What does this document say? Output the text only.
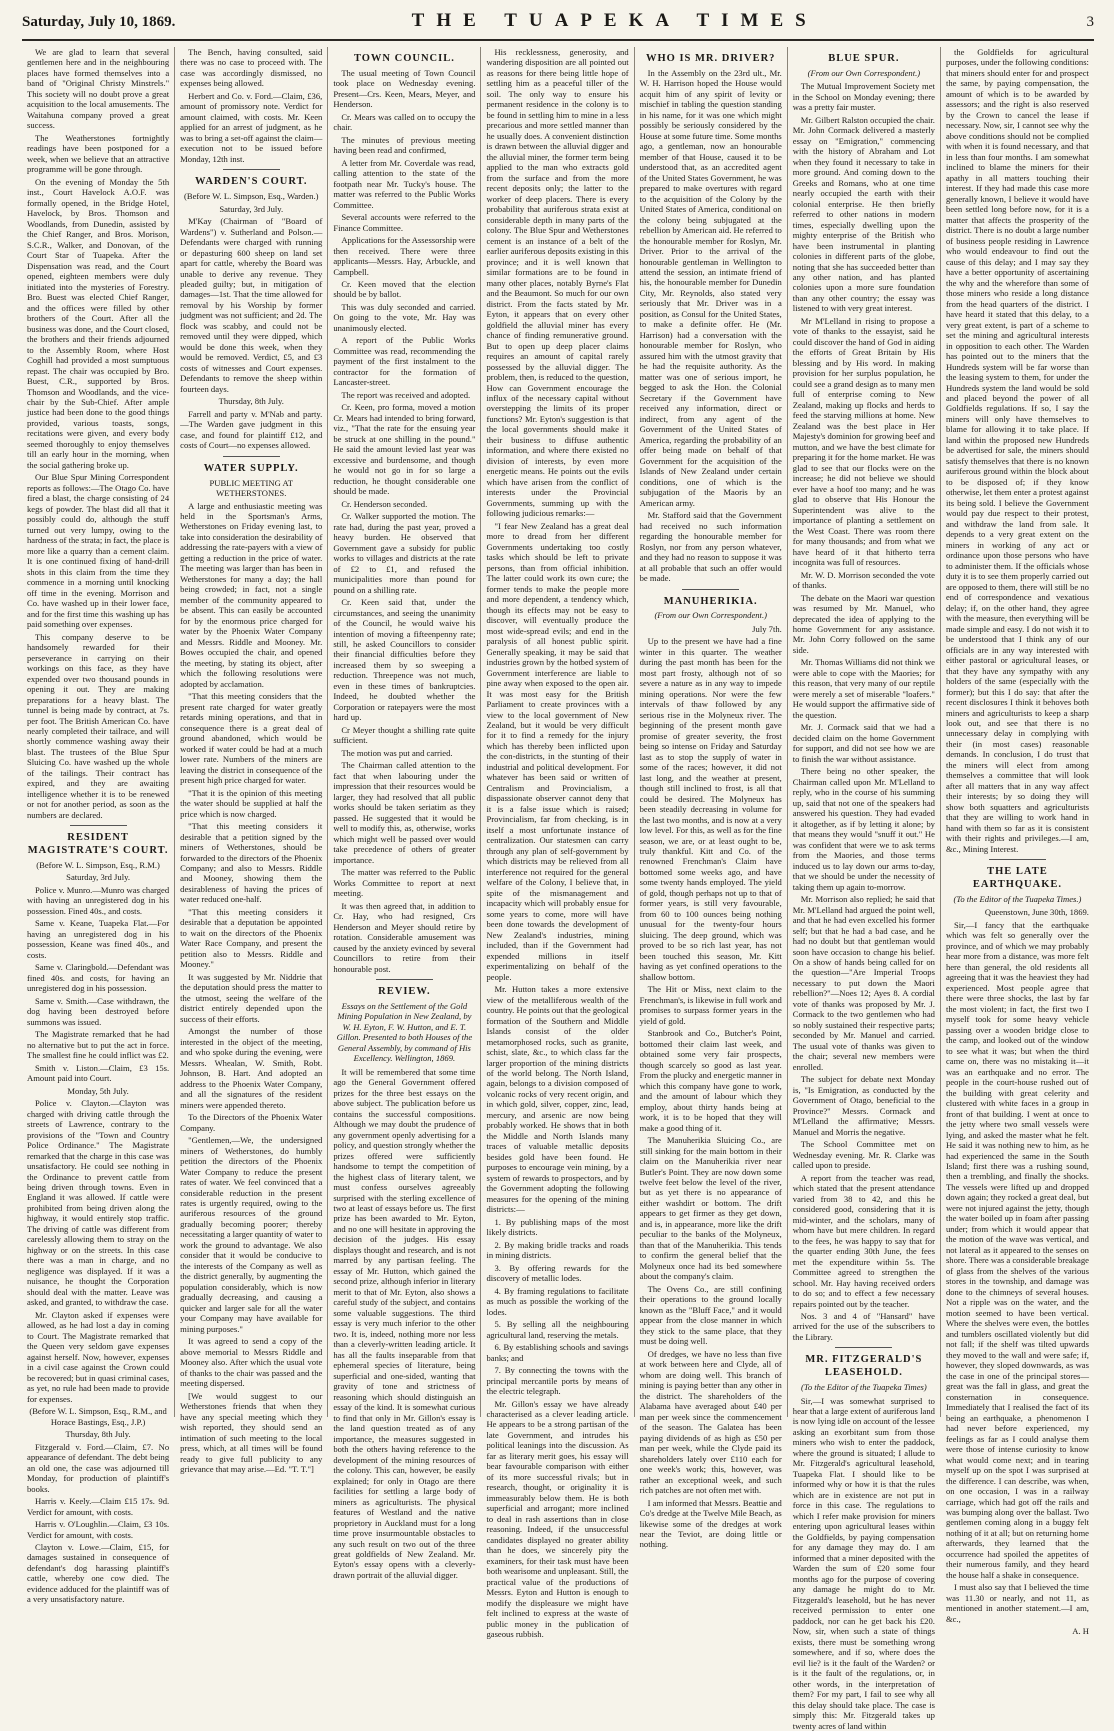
Saturday, July 10, 1869.	THE TUAPEKA TIMES	3

We are glad to learn that several gentlemen here and in the neighbouring places have formed themselves into a band of "Original Christy Minstrels." This society will no doubt prove a great acquisition to the local amusements. The Waitahuna company proved a great success.

The Weatherstones fortnightly readings have been postponed for a week, when we believe that an attractive programme will be gone through.

On the evening of Monday the 5th inst., Court Havelock A.O.F. was formally opened, in the Bridge Hotel, Havelock, by Bros. Thomson and Woodlands, from Dunedin, assisted by the Chief Ranger, and Bros. Morison, S.C.R., Walker, and Donovan, of the Court Star of Tuapeka. After the Dispensation was read, and the Court opened, eighteen members were duly initiated into the mysteries of Forestry. Bro. Buest was elected Chief Ranger, and the offices were filled by other brothers of the Court. After all the business was done, and the Court closed, the brothers and their friends adjourned to the Assembly Room, where Host Coghill had provided a most sumptuous repast. The chair was occupied by Bro. Buest, C.R., supported by Bros. Thomson and Woodlands, and the vice-chair by the Sub-Chief. After ample justice had been done to the good things provided, various toasts, songs, recitations were given, and every body seemed thoroughly to enjoy themselves till an early hour in the morning, when the social gathering broke up.

Our Blue Spur Mining Correspondent reports as follows:—The Otago Co. have fired a blast, the charge consisting of 24 kegs of powder. The blast did all that it possibly could do, although the stuff turned out very lumpy, owing to the hardness of the strata; in fact, the place is more like a quarry than a cement claim. It is one continued fixing of hand-drill shots in this claim from the time they commence in a morning until knocking off time in the evening. Morrison and Co. have washed up in their lower face, and for the first time this washing up has paid something over expenses.

This company deserve to be handsomely rewarded for their perseverance in carrying on their workings on this face, as they have expended over two thousand pounds in opening it out. They are making preparations for a heavy blast. The tunnel is being made by contract, at 7s. per foot. The British American Co. have nearly completed their tailrace, and will shortly commence washing away their blast. The trustees of the Blue Spur Sluicing Co. have washed up the whole of the tailings. Their contract has expired, and they are awaiting intelligence whether it is to be renewed or not for another period, as soon as the numbers are declared.

RESIDENT MAGISTRATE'S COURT.

(Before W. L. Simpson, Esq., R.M.)

Saturday, 3rd July.

Police v. Munro.—Munro was charged with having an unregistered dog in his possession. Fined 40s., and costs.

Same v. Keane, Tuapeka Flat.—For having an unregistered dog in his possession, Keane was fined 40s., and costs.

Same v. Claringbold.—Defendant was fined 40s. and costs, for having an unregistered dog in his possession.

Same v. Smith.—Case withdrawn, the dog having been destroyed before summons was issued.

The Magistrate remarked that he had no alternative but to put the act in force. The smallest fine he could inflict was £2.

Smith v. Liston.—Claim, £3 15s. Amount paid into Court.

Monday, 5th July.

Police v. Clayton.—Clayton was charged with driving cattle through the streets of Lawrence, contrary to the provisions of the "Town and Country Police Ordinance." The Magistrate remarked that the charge in this case was unsatisfactory. He could see nothing in the Ordinance to prevent cattle from being driven through towns. Even in England it was allowed. If cattle were prohibited from being driven along the highway, it would entirely stop traffic. The driving of cattle was different from carelessly allowing them to stray on the highway or on the streets. In this case there was a man in charge, and no negligence was displayed. If it was a nuisance, he thought the Corporation should deal with the matter. Leave was asked, and granted, to withdraw the case.

Mr. Clayton asked if expenses were allowed, as he had lost a day in coming to Court. The Magistrate remarked that the Queen very seldom gave expenses against herself. Now, however, expenses in a civil case against the Crown could be recovered; but in quasi criminal cases, as yet, no rule had been made to provide for expenses.

(Before W. L. Simpson, Esq., R.M., and Horace Bastings, Esq., J.P.)

Thursday, 8th July.

Fitzgerald v. Ford.—Claim, £7. No appearance of defendant. The debt being an old one, the case was adjourned till Monday, for production of plaintiff's books.

Harris v. Keely.—Claim £15 17s. 9d. Verdict for amount, with costs.

Harris v. O'Loughlin.—Claim, £3 10s. Verdict for amount, with costs.

Clayton v. Lowe.—Claim, £15, for damages sustained in consequence of defendant's dog harassing plaintiff's cattle, whereby one cow died. The evidence adduced for the plaintiff was of a very unsatisfactory nature.

The Bench, having consulted, said there was no case to proceed with. The case was accordingly dismissed, no expenses being allowed.

Herbert and Co. v. Ford.—Claim, £36, amount of promissory note. Verdict for amount claimed, with costs. Mr. Keen applied for an arrest of judgment, as he was to bring a set-off against the claim—execution not to be issued before Monday, 12th inst.

WARDEN'S COURT.

(Before W. L. Simpson, Esq., Warden.)

Saturday, 3rd July.

M'Kay (Chairman of "Board of Wardens") v. Sutherland and Polson.—Defendants were charged with running or depasturing 600 sheep on land set apart for cattle, whereby the Board was unable to derive any revenue. They pleaded guilty; but, in mitigation of damages—1st. That the time allowed for removal by his Worship by former judgment was not sufficient; and 2d. The flock was scabby, and could not be removed until they were dipped, which would be done this week, when they would be removed. Verdict, £5, and £3 costs of witnesses and Court expenses. Defendants to remove the sheep within fourteen days.

Thursday, 8th July.

Farrell and party v. M'Nab and party.—The Warden gave judgment in this case, and found for plaintiff £12, and costs of Court—no expenses allowed.

WATER SUPPLY.
PUBLIC MEETING AT WETHERSTONES.

A large and enthusiastic meeting was held in the Sportsman's Arms, Wetherstones on Friday evening last, to take into consideration the desirability of addressing the rate-payers with a view of getting a reduction in the price of water. The meeting was larger than has been in Wetherstones for many a day; the hall being crowded; in fact, not a single member of the community appeared to be absent. This can easily be accounted for by the enormous price charged for water by the Phoenix Water Company and Messrs. Riddle and Mooney. Mr. Bowes occupied the chair, and opened the meeting, by stating its object, after which the following resolutions were adopted by acclamation.

"That this meeting considers that the present rate charged for water greatly retards mining operations, and that in consequence there is a great deal of ground abandoned, which would be worked if water could be had at a much lower rate. Numbers of the miners are leaving the district in consequence of the present high price charged for water.

"That it is the opinion of this meeting the water should be supplied at half the price which is now charged.

"That this meeting considers it desirable that a petition signed by the miners of Wetherstones, should be forwarded to the directors of the Phoenix Company; and also to Messrs. Riddle and Mooney, showing them the desirableness of having the prices of water reduced one-half.

"That this meeting considers it desirable that a deputation be appointed to wait on the directors of the Phoenix Water Race Company, and present the petition also to Messrs. Riddle and Mooney."

It was suggested by Mr. Niddrie that the deputation should press the matter to the utmost, seeing the welfare of the district entirely depended upon the success of their efforts.

Amongst the number of those interested in the object of the meeting, and who spoke during the evening, were Messrs. Whealan, W. Smith, Robt. Johnson, B. Hart. And adopted an address to the Phoenix Water Company, and all the signatures of the resident miners were appended thereto.

To the Directors of the Phoenix Water Company.

"Gentlemen,—We, the undersigned miners of Wetherstones, do humbly petition the directors of the Phoenix Water Company to reduce the present rates of water. We feel convinced that a considerable reduction in the present rates is urgently required, owing to the auriferous resources of the ground gradually becoming poorer; thereby necessitating a larger quantity of water to work the ground to advantage. We also consider that it would be conducive to the interests of the Company as well as the district generally, by augmenting the population considerably, which is now gradually decreasing, and causing a quicker and larger sale for all the water your Company may have available for mining purposes."

It was agreed to send a copy of the above memorial to Messrs Riddle and Mooney also. After which the usual vote of thanks to the chair was passed and the meeting dispersed.

[We would suggest to our Wetherstones friends that when they have any special meeting which they wish reported, they should send an intimation of such meeting to the local press, which, at all times will be found ready to give full publicity to any grievance that may arise.—Ed. "T. T."]

TOWN COUNCIL.

The usual meeting of Town Council took place on Wednesday evening. Present—Crs. Keen, Mears, Meyer, and Henderson.

Cr. Mears was called on to occupy the chair.

The minutes of previous meeting having been read and confirmed,

A letter from Mr. Coverdale was read, calling attention to the state of the footpath near Mr. Tucky's house. The matter was referred to the Public Works Committee.

Several accounts were referred to the Finance Committee.

Applications for the Assessorship were then received. There were three applicants—Messrs. Hay, Arbuckle, and Campbell.

Cr. Keen moved that the election should be by ballot.

This was duly seconded and carried. On going to the vote, Mr. Hay was unanimously elected.

A report of the Public Works Committee was read, recommending the payment of the first instalment to the contractor for the formation of Lancaster-street.

The report was received and adopted.

Cr. Keen, pro forma, moved a motion Cr. Mears had intended to bring forward, viz., "That the rate for the ensuing year be struck at one shilling in the pound." He said the amount levied last year was excessive and burdensome, and though he would not go in for so large a reduction, he thought considerable one should be made.

Cr. Henderson seconded.

Cr. Walker supported the motion. The rate had, during the past year, proved a heavy burden. He observed that Government gave a subsidy for public works to villages and districts at the rate of £2 to £1, and refused the municipalities more than pound for pound on a shilling rate.

Cr. Keen said that, under the circumstances, and seeing the unanimity of the Council, he would waive his intention of moving a fifteenpenny rate; still, he asked Councillors to consider their financial difficulties before they increased them by so sweeping a reduction. Threepence was not much, even in these times of bankruptcies. Indeed, he doubted whether the Corporation or ratepayers were the most hard up.

Cr Meyer thought a shilling rate quite sufficient.

The motion was put and carried.

The Chairman called attention to the fact that when labouring under the impression that their resources would be larger, they had resolved that all public works should be taken seriatim as they passed. He suggested that it would be well to modify this, as, otherwise, works which might well be passed over would take precedence of others of greater importance.

The matter was referred to the Public Works Committee to report at next meeting.

It was then agreed that, in addition to Cr. Hay, who had resigned, Crs Henderson and Meyer should retire by rotation. Considerable amusement was caused by the anxiety evinced by several Councillors to retire from their honourable post.

REVIEW.

Essays on the Settlement of the Gold Mining Population in New Zealand, by W. H. Eyton, F. W. Hutton, and E. T. Gillon. Presented to both Houses of the General Assembly, by command of His Excellency. Wellington, 1869.

It will be remembered that some time ago the General Government offered prizes for the three best essays on the above subject. The publication before us contains the successful compositions. Although we may doubt the prudence of any government openly advertising for a policy, and question strongly whether the prizes offered were sufficiently handsome to tempt the competition of the highest class of literary talent, we must confess ourselves agreeably surprised with the sterling excellence of two at least of essays before us. The first prize has been awarded to Mr. Eyton, and no one will hesitate in approving the decision of the judges. His essay displays thought and research, and is not marred by any partisan feeling. The essay of Mr. Hutton, which gained the second prize, although inferior in literary merit to that of Mr. Eyton, also shows a careful study of the subject, and contains some valuable suggestions. The third essay is very much inferior to the other two. It is, indeed, nothing more nor less than a cleverly-written leading article. It has all the faults inseparable from that ephemeral species of literature, being superficial and one-sided, wanting that gravity of tone and strictness of reasoning which should distinguish an essay of the kind. It is somewhat curious to find that only in Mr. Gillon's essay is the land question treated as of any importance, the measures suggested in both the others having reference to the development of the mining resources of the colony. This can, however, be easily explained; for only in Otago are there facilities for settling a large body of miners as agriculturists. The physical features of Westland and the native proprietory in Auckland must for a long time prove insurmountable obstacles to any such result on two out of the three great goldfields of New Zealand. Mr. Eyton's essay opens with a cleverly-drawn portrait of the alluvial digger.

His recklessness, generosity, and wandering disposition are all pointed out as reasons for there being little hope of settling him as a peaceful tiller of the soil. The only way to ensure his permanent residence in the colony is to be found in settling him to mine in a less precarious and more settled manner than he usually does. A convenient distinction is drawn between the alluvial digger and the alluvial miner, the former term being applied to the man who extracts gold from the surface and from the more recent deposits only; the latter to the worker of deep placers. There is every probability that auriferous strata exist at considerable depth in many parts of the colony. The Blue Spur and Wetherstones cement is an instance of a belt of the earlier auriferous deposits existing in this province; and it is well known that similar formations are to be found in many other places, notably Byrne's Flat and the Beaumont. So much for our own district. From the facts stated by Mr. Eyton, it appears that on every other goldfield the alluvial miner has every chance of finding remunerative ground. But to open up deep placer claims requires an amount of capital rarely possessed by the alluvial digger. The problem, then, is reduced to the question, How can Government encourage the influx of the necessary capital without overstepping the limits of its proper functions? Mr. Eyton's suggestion is that the local governments should make it their business to diffuse authentic information, and where there existed no division of interests, by even more energetic means. He points out the evils which have arisen from the conflict of interests under the Provincial Governments, summing up with the following judicious remarks:—

"I fear New Zealand has a great deal more to dread from her different Governments undertaking too costly tasks which should be left to private persons, than from official inhibition. The latter could work its own cure; the former tends to make the people more and more dependent, a tendency which, though its effects may not be easy to discover, will eventually produce the most wide-spread evils; and end in the paralysis of all honest public spirit. Generally speaking, it may be said that industries grown by the hotbed system of Government interference are liable to pine away when exposed to the open air. It was most easy for the British Parliament to create provinces with a view to the local government of New Zealand, but it would be very difficult for it to find a remedy for the injury which has thereby been inflicted upon the con-districts, in the stunting of their industrial and political development. For whatever has been said or written of Centralism and Provincialism, a dispassionate observer cannot deny that it is a false issue which is raised; Provincialism, far from checking, is in itself a most unfortunate instance of centralization. Our statesmen can carry through any plan of self-government by which districts may be relieved from all interference not required for the general welfare of the Colony, I believe that, in spite of the mismanagement and incapacity which will probably ensue for some years to come, more will have been done towards the development of New Zealand's industries, mining included, than if the Government had expended millions in itself experimentalizing on behalf of the people.

Mr. Hutton takes a more extensive view of the metalliferous wealth of the country. He points out that the geological formation of the Southern and Middle Islands consist of the older metamorphosed rocks, such as granite, schist, slate, &c., to which class far the larger proportion of the mining districts of the world belong. The North Island, again, belongs to a division composed of volcanic rocks of very recent origin, and in which gold, silver, copper, zinc, lead, mercury, and arsenic are now being probably worked. He shows that in both the Middle and North Islands many traces of valuable metallic deposits besides gold have been found. He purposes to encourage vein mining, by a system of rewards to prospectors, and by the Government adopting the following measures for the opening of the mining districts:—

1. By publishing maps of the most likely districts.

2. By making bridle tracks and roads in mining districts.

3. By offering rewards for the discovery of metallic lodes.

4. By framing regulations to facilitate as much as possible the working of the lodes.

5. By selling all the neighbouring agricultural land, reserving the metals.

6. By establishing schools and savings banks; and

7. By connecting the towns with the principal mercantile ports by means of the electric telegraph.

Mr. Gillon's essay we have already characterised as a clever leading article. He appears to be a strong partisan of the late Government, and intrudes his political leanings into the discussion. As far as literary merit goes, his essay will bear favourable comparison with either of its more successful rivals; but in research, thought, or originality it is immeasurably below them. He is both superficial and arrogant; more inclined to deal in rash assertions than in close reasoning. Indeed, if the unsuccessful candidates displayed no greater ability than he does, we sincerely pity the examiners, for their task must have been both wearisome and unpleasant. Still, the practical value of the productions of Messrs. Eyton and Hutton is enough to modify the displeasure we might have felt inclined to express at the waste of public money in the publication of gaseous rubbish.

WHO IS MR. DRIVER?

In the Assembly on the 23rd ult., Mr. W. H. Harrison hoped the House would acquit him of any spirit of levity or mischief in tabling the question standing in his name, for it was one which might possibly be seriously considered by the House at some future time. Some months ago, a gentleman, now an honourable member of that House, caused it to be understood that, as an accredited agent of the United States Government, he was prepared to make overtures with regard to the acquisition of the Colony by the United States of America, conditional on the colony being subjugated at the rebellion by American aid. He referred to the honourable member for Roslyn, Mr. Driver. Prior to the arrival of the honourable gentleman in Wellington to attend the session, an intimate friend of his, the honourable member for Dunedin City, Mr. Reynolds, also stated very seriously that Mr. Driver was in a position, as Consul for the United States, to make a definite offer. He (Mr. Harrison) had a conversation with the honourable member for Roslyn, who assured him with the utmost gravity that he had the requisite authority. As the matter was one of serious import, he begged to ask the Hon. the Colonial Secretary if the Government have received any information, direct or indirect, from any agent of the Government of the United States of America, regarding the probability of an offer being made on behalf of that Government for the acquisition of the Islands of New Zealand under certain conditions, one of which is the subjugation of the Maoris by an American army.

Mr. Stafford said that the Government had received no such information regarding the honourable member for Roslyn, nor from any person whatever, and they had no reason to suppose it was at all probable that such an offer would be made.

MANUHERIKIA.

(From our Own Correspondent.)

July 7th.

Up to the present we have had a fine winter in this quarter. The weather during the past month has been for the most part frosty, although not of so severe a nature as in any way to impede mining operations. Nor were the few intervals of thaw followed by any serious rise in the Molyneux river. The beginning of the present month gave promise of greater severity, the frost being so intense on Friday and Saturday last as to stop the supply of water in some of the races; however, it did not last long, and the weather at present, though still inclined to frost, is all that could be desired. The Molyneux has been steadily decreasing in volume for the last two months, and is now at a very low level. For this, as well as for the fine season, we are, or at least ought to be, truly thankful. Kitt and Co. of the renowned Frenchman's Claim have bottomed some weeks ago, and have some twenty hands employed. The yield of gold, though perhaps not up to that of former years, is still very favourable, from 60 to 100 ounces being nothing unusual for the twenty-four hours sluicing. The deep ground, which was proved to be so rich last year, has not been touched this season, Mr. Kitt having as yet confined operations to the shallow bottom.

The Hit or Miss, next claim to the Frenchman's, is likewise in full work and promises to surpass former years in the yield of gold.

Stanbrook and Co., Butcher's Point, bottomed their claim last week, and obtained some very fair prospects, though scarcely so good as last year. From the plucky and energetic manner in which this company have gone to work, and the amount of labour which they employ, about thirty hands being at work, it is to be hoped that they will make a good thing of it.

The Manuherikia Sluicing Co., are still sinking for the main bottom in their claim on the Manuherikia river near Butler's Point. They are now down some twelve feet below the level of the river, but as yet there is no appearance of either washdirt or bottom. The drift appears to get firmer as they get down, and is, in appearance, more like the drift peculiar to the banks of the Molyneux, than that of the Manuherikia. This tends to confirm the general belief that the Molyneux once had its bed somewhere about the company's claim.

The Ovens Co., are still confining their operations to the ground locally known as the "Bluff Face," and it would appear from the close manner in which they stick to the same place, that they must be doing well.

Of dredges, we have no less than five at work between here and Clyde, all of whom are doing well. This branch of mining is paying better than any other in the district. The shareholders of the Alabama have averaged about £40 per man per week since the commencement of the season. The Galatea has been paying dividends of as high as £50 per man per week, while the Clyde paid its shareholders lately over £110 each for one week's work; this, however, was rather an exceptional week, and such rich patches are not often met with.

I am informed that Messrs. Beattie and Co's dredge at the Twelve Mile Beach, as likewise some of the dredges at work near the Teviot, are doing little or nothing.

BLUE SPUR.

(From our Own Correspondent.)

The Mutual Improvement Society met in the School on Monday evening; there was a pretty fair muster.

Mr. Gilbert Ralston occupied the chair. Mr. John Cormack delivered a masterly essay on "Emigration," commencing with the history of Abraham and Lot when they found it necessary to take in more ground. And coming down to the Greeks and Romans, who at one time nearly occupied the earth with their colonial enterprise. He then briefly referred to other nations in modern times, especially dwelling upon the mighty enterprise of the British who have been instrumental in planting colonies in different parts of the globe, noting that she has succeeded better than any other nation, and has planted colonies upon a more sure foundation than any other country; the essay was listened to with very great interest.

Mr M'Lelland in rising to propose a vote of thanks to the essayist, said he could discover the hand of God in aiding the efforts of Great Britain by His blessing and by His word. In making provision for her surplus population, he could see a grand design as to many men full of enterprise coming to New Zealand, making up flocks and herds to feed the starving millions at home. New Zealand was the best place in Her Majesty's dominion for growing beef and mutton, and we have the best climate for preparing it for the home market. He was glad to see that our flocks were on the increase; he did not believe we should ever have a hoof too many; and he was glad to observe that His Honour the Superintendent was alive to the importance of planting a settlement on the West Coast. There was room there for many thousands; and from what we have heard of it that hitherto terra incognita was full of resources.

Mr. W. D. Morrison seconded the vote of thanks.

The debate on the Maori war question was resumed by Mr. Manuel, who deprecated the idea of applying to the home Government for any assistance. Mr. John Corry followed on the same side.

Mr. Thomas Williams did not think we were able to cope with the Maories; for this reason, that very many of our reptile were merely a set of miserable "loafers." He would support the affirmative side of the question.

Mr. J. Cormack said that we had a decided claim on the home Government for support, and did not see how we are to finish the war without assistance.

There being no other speaker, the Chairman called upon Mr. M'Lelland to reply, who in the course of his summing up, said that not one of the speakers had answered his question. They had evaded it altogether, as if by letting it alone; by that means they would "snuff it out." He was confident that were we to ask terms from the Maories, and those terms induced us to lay down our arms to-day, that we should be under the necessity of taking them up again to-morrow.

Mr. Morrison also replied; he said that Mr. M'Lelland had argued the point well, and that he had even excelled his former self; but that he had a bad case, and he had no doubt but that gentleman would soon have occasion to change his belief. On a show of hands being called for on the question—"Are Imperial Troops necessary to put down the Maori rebellion?"—Noes 12; Ayes 8. A cordial vote of thanks was proposed by Mr. J. Cormack to the two gentlemen who had so nobly sustained their respective parts; seconded by Mr. Manuel and carried. The usual vote of thanks was given to the chair; several new members were enrolled.

The subject for debate next Monday is, "Is Emigration, as conducted by the Government of Otago, beneficial to the Province?" Messrs. Cormack and M'Lelland the affirmative; Messrs. Manuel and Morris the negative.

The School Committee met on Wednesday evening. Mr. R. Clarke was called upon to preside.

A report from the teacher was read, which stated that the present attendance varied from 38 to 42, and this he considered good, considering that it is mid-winter, and the scholars, many of whom have but mere children. In regard to the fees, he was happy to say that for the quarter ending 30th June, the fees met the expenditure within 5s. The Committee agreed to strengthen the school. Mr. Hay having received orders to do so; and to effect a few necessary repairs pointed out by the teacher.

Nos. 3 and 4 of "Hansard" have arrived for the use of the subscribers to the Library.

MR. FITZGERALD'S LEASEHOLD.

(To the Editor of the Tuapeka Times)

Sir,—I was somewhat surprised to hear that a large extent of auriferous land is now lying idle on account of the lessee asking an exorbitant sum from those miners who wish to enter the paddock, where the ground is situated; I allude to Mr. Fitzgerald's agricultural leasehold, Tuapeka Flat. I should like to be informed why or how it is that the rules which are in existence are not put in force in this case. The regulations to which I refer make provision for miners entering upon agricultural leases within the Goldfields, by paying compensation for any damage they may do. I am informed that a miner deposited with the Warden the sum of £20 some four months ago for the purpose of covering any damage he might do to Mr. Fitzgerald's leasehold, but he has never received permission to enter one paddock, nor can he get back his £20. Now, sir, when such a state of things exists, there must be something wrong somewhere, and if so, where does the evil lie? is it the fault of the Warden? or is it the fault of the regulations, or, in other words, in the interpretation of them? For my part, I fail to see why all this delay should take place. The case is simply this: Mr. Fitzgerald takes up twenty acres of land within

the Goldfields for agricultural purposes, under the following conditions: that miners should enter for and prospect the same, by paying compensation, the amount of which is to be awarded by assessors; and the right is also reserved by the Crown to cancel the lease if necessary. Now, sir, I cannot see why the above conditions should not be complied with when it is found necessary, and that in less than four months. I am somewhat inclined to blame the miners for their apathy in all matters touching their interest. If they had made this case more generally known, I believe it would have been settled long before now, for it is a matter that affects the prosperity of the district. There is no doubt a large number of business people residing in Lawrence who would endeavour to find out the cause of this delay; and I may say they have a better opportunity of ascertaining the why and the wherefore than some of those miners who reside a long distance from the head quarters of the district. I have heard it stated that this delay, to a very great extent, is part of a scheme to set the mining and agricultural interests in opposition to each other. The Warden has pointed out to the miners that the Hundreds system will be far worse than the leasing system to them, for under the Hundreds system the land would be sold and placed beyond the power of all Goldfields regulations. If so, I say the miners will only have themselves to blame for allowing it to take place. If land within the proposed new Hundreds be advertised for sale, the miners should satisfy themselves that there is no known auriferous ground within the block about to be disposed of; if they know otherwise, let them enter a protest against its being sold. I believe the Government would pay due respect to their protest, and withdraw the land from sale. It depends to a very great extent on the miners in working of any act or ordinance upon those persons who have to administer them. If the officials whose duty it is to see them properly carried out are opposed to them, there will still be no end of correspondence and vexatious delay; if, on the other hand, they agree with the measure, then everything will be made simple and easy. I do not wish it to be understood that I think any of our officials are in any way interested with either pastoral or agricultural leases, or that they have any sympathy with any holders of the same (especially with the former); but this I do say: that after the recent disclosures I think it behoves both miners and agriculturists to keep a sharp look out, and see that there is no unnecessary delay in complying with their (in most cases) reasonable demands. In conclusion, I do trust that the miners will elect from among themselves a committee that will look after all matters that in any way affect their interests; by so doing they will show both squatters and agriculturists that they are willing to work hand in hand with them so far as it is consistent with their rights and privileges.—I am, &c., Mining Interest.

THE LATE EARTHQUAKE.

(To the Editor of the Tuapeka Times.)

Queenstown, June 30th, 1869.

Sir,—I fancy that the earthquake which was felt so generally over the province, and of which we may probably hear more from a distance, was more felt here than general, the old residents all agreeing that it was the heaviest they had experienced. Most people agree that there were three shocks, the last by far the most violent; in fact, the first two I myself took for some heavy vehicle passing over a wooden bridge close to the camp, and looked out of the window to see what it was; but when the third came on, there was no mistaking it—it was an earthquake and no error. The people in the court-house rushed out of the building with great celerity and clustered with white faces in a group in front of that building. I went at once to the jetty where two small vessels were lying, and asked the master what he felt. He said it was nothing new to him, as he had experienced the same in the South Island; first there was a rushing sound, then a trembling, and finally the shocks. The vessels were lifted up and dropped down again; they rocked a great deal, but were not injured against the jetty, though the water boiled up in foam after passing under; from which it would appear that the motion of the wave was vertical, and not lateral as it appeared to the senses on shore. There was a considerable breakage of glass from the shelves of the various stores in the township, and damage was done to the chimneys of several houses. Not a ripple was on the water, and the motion seemed to have been vertical. Where the shelves were even, the bottles and tumblers oscillated violently but did not fall; if the shelf was tilted upwards they moved to the wall and were safe; if, however, they sloped downwards, as was the case in one of the principal stores—great was the fall in glass, and great the consternation in consequence. Immediately that I realised the fact of its being an earthquake, a phenomenon I had never before experienced, my feelings as far as I could analyse them were those of intense curiosity to know what would come next; and in tearing myself up on the spot I was surprised at the difference. I can describe, was when, on one occasion, I was in a railway carriage, which had got off the rails and was bumping along over the ballast. Two gentlemen coming along in a buggy felt nothing of it at all; but on returning home afterwards, they learned that the occurrence had spoiled the appetites of their numerous family, and they heard the house half a shake in consequence.

I must also say that I believed the time was 11.30 or nearly, and not 11, as mentioned in another statement.—I am, &c.,

A. H
